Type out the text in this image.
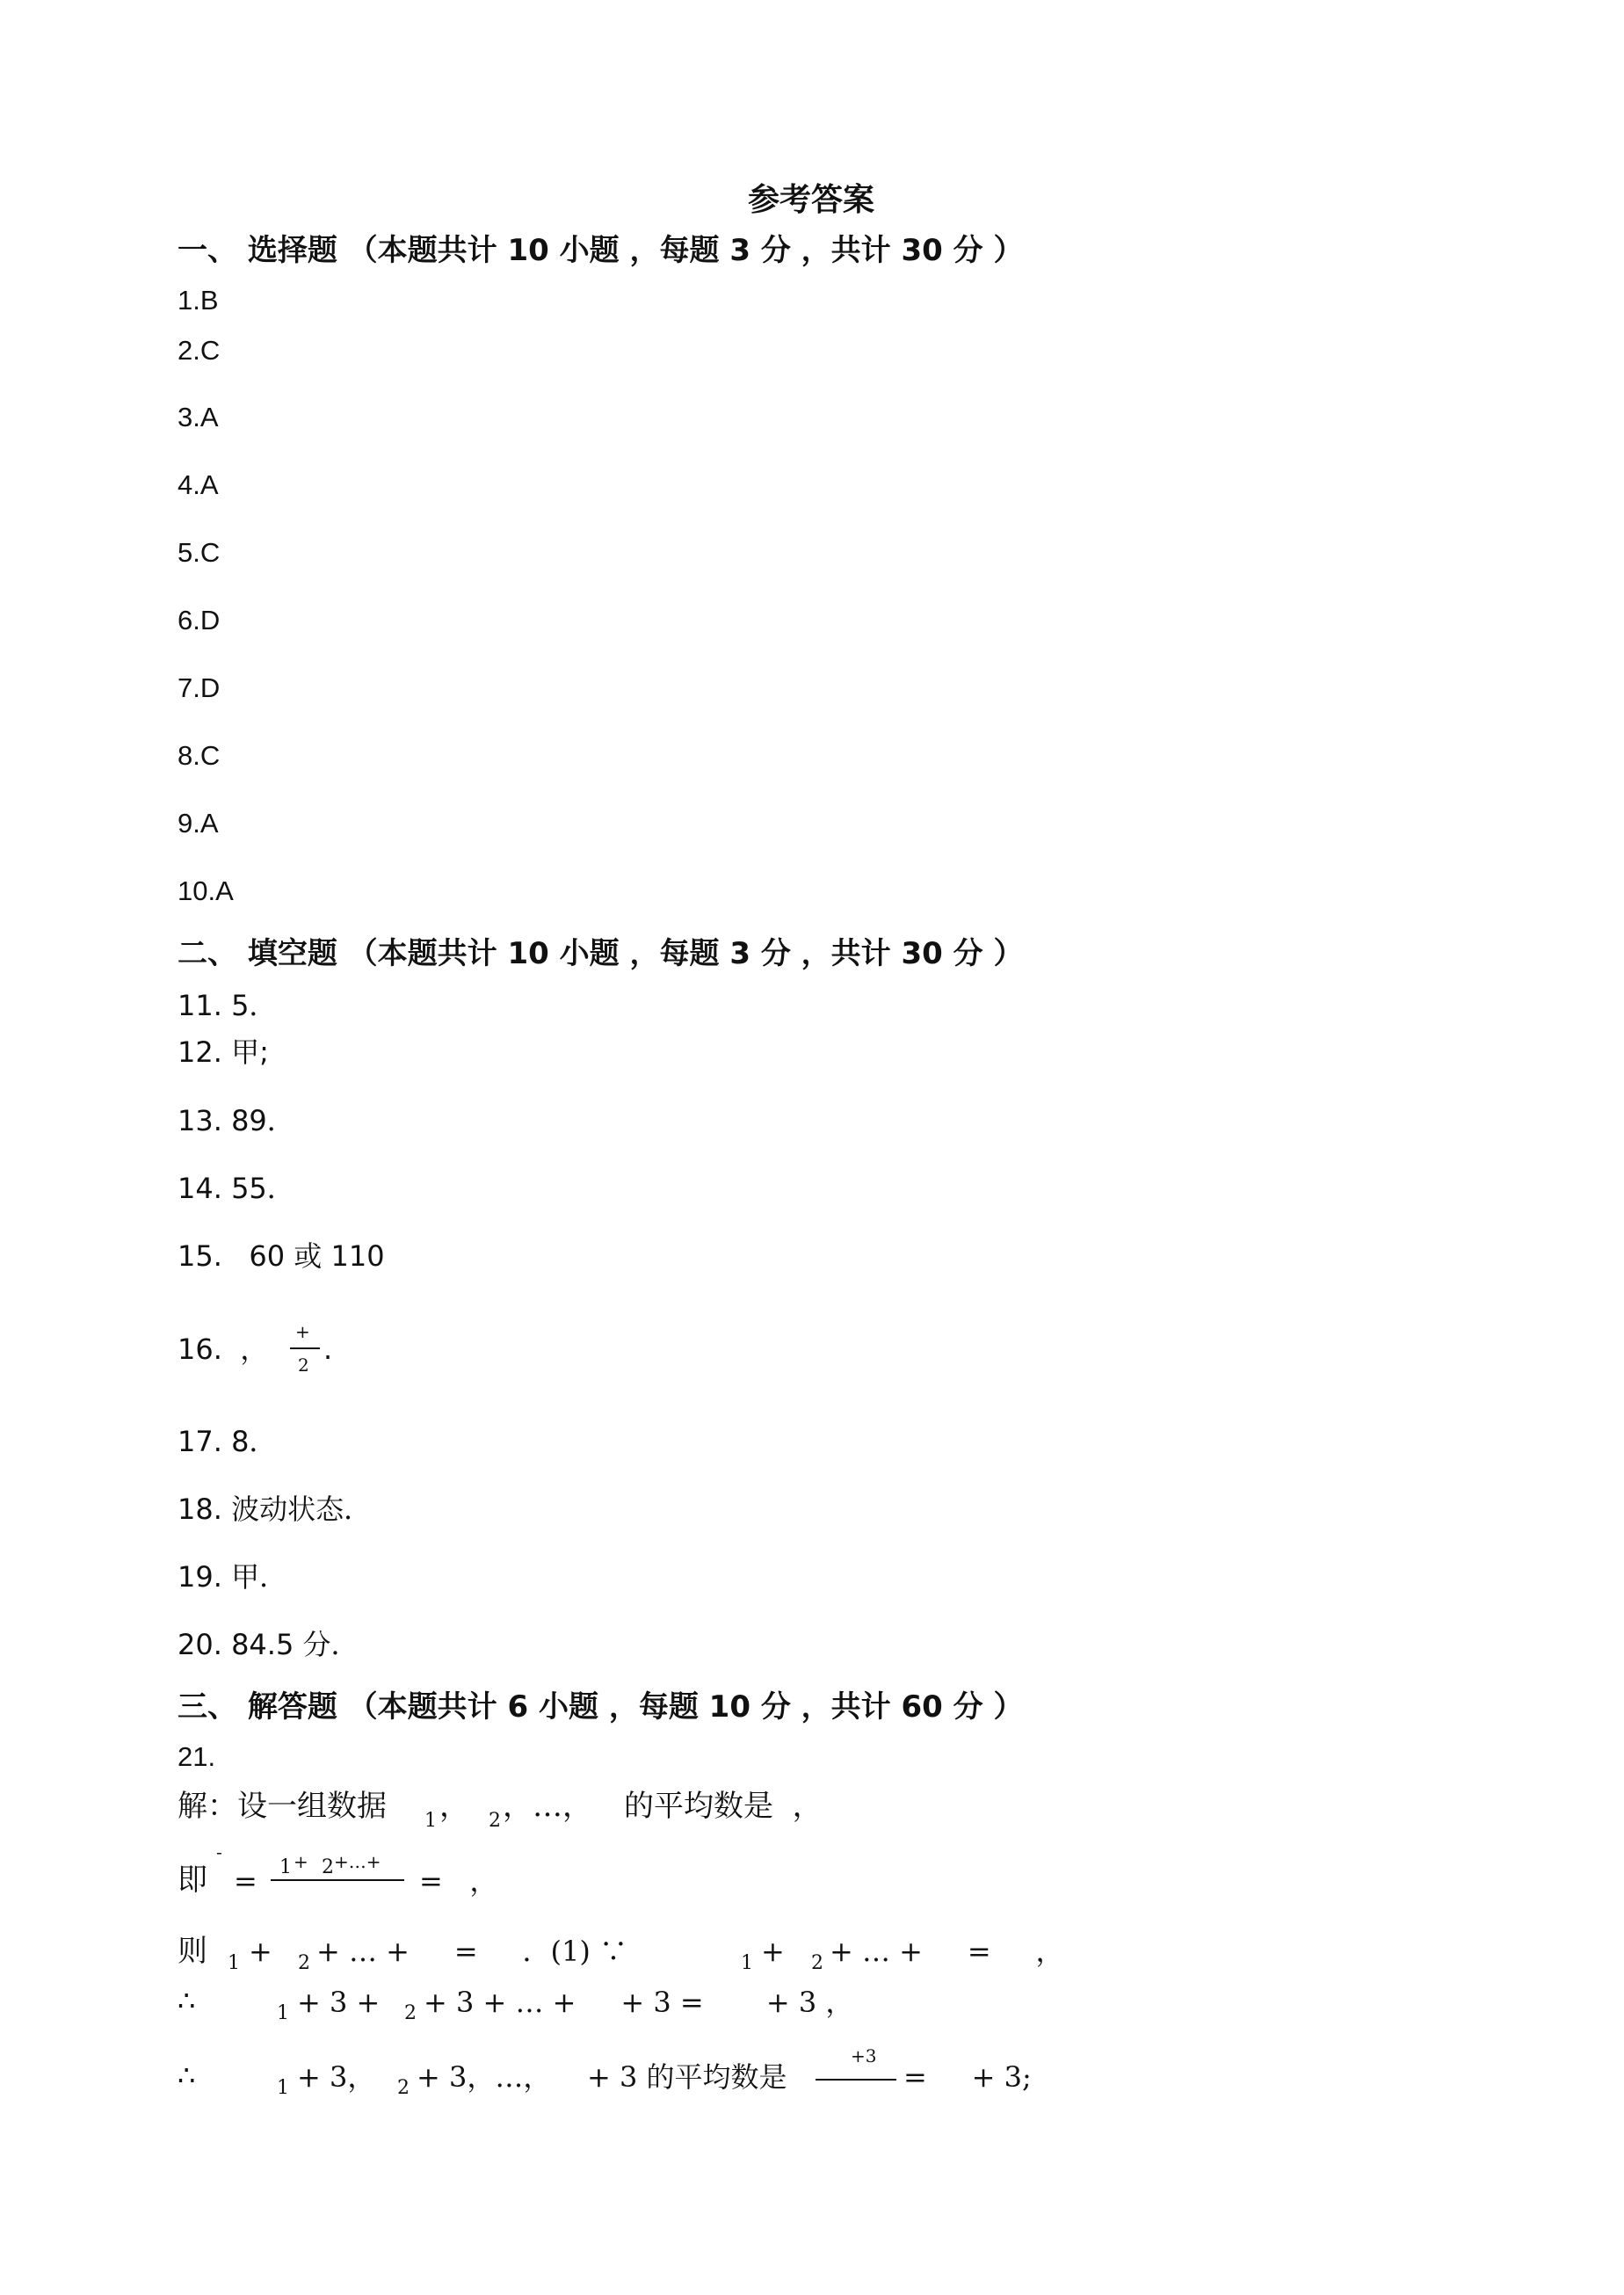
参考答案
一、 选择题 （本题共计 10 小题 ，每题 3 分 ，共计 30 分 ）
1.B
2.C
3.A
4.A
5.C
6.D
7.D
8.C
9.A
10.A
二、 填空题 （本题共计 10 小题 ，每题 3 分 ，共计 30 分 ）
11. 5．
12. 甲;
13. 89．
14. 55．
15.   60 或 110
16.  ，
+
2 .
17. 8．
18. 波动状态．
19. 甲．
20. 84.5 分．
三、 解答题 （本题共计 6 小题 ，每题 10 分 ，共计 60 分 ）
21.
解：设一组数据 1 ， 2 ，…， 的平均数是  ，
即
-
= 1 + 2 +…+
=   ，
则 1 + 2 + … +     =     ．(1) ∵	1 + 2 + … +     =     ，
∴	1 + 3 + 2 + 3 + … +     + 3 =       + 3 ，
∴	1 + 3， 2 + 3，…，    + 3 的平均数是
+3
=     + 3;
